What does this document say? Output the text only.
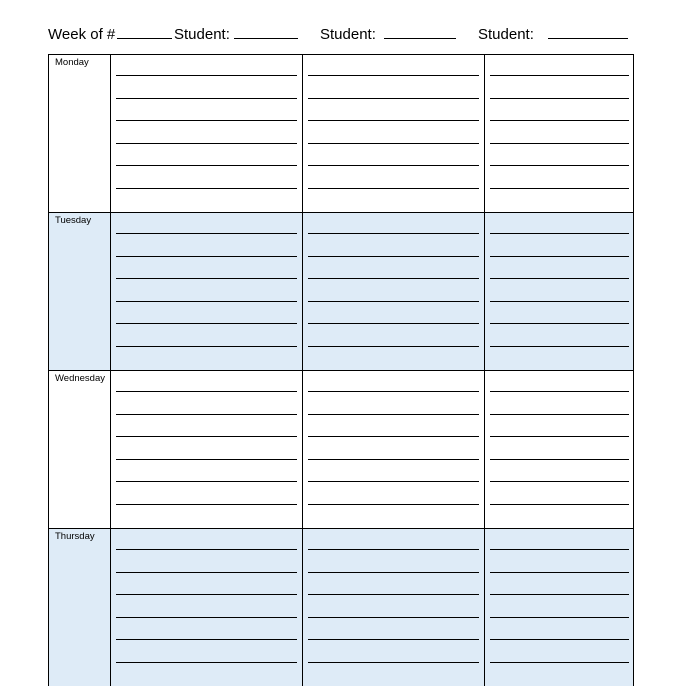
Week of #	Student:	Student:	Student:
Monday
Tuesday
Wednesday
Thursday
